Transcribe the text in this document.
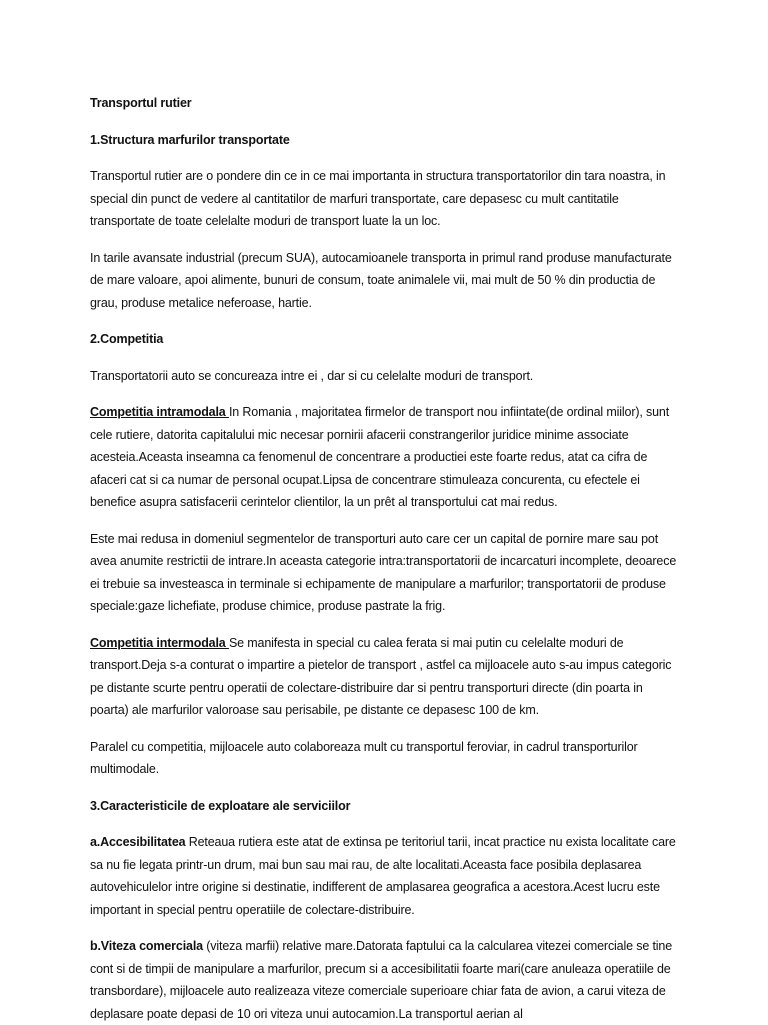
Transportul rutier

1.Structura marfurilor transportate

Transportul rutier are o pondere din ce in ce mai importanta in structura transportatorilor din tara noastra, in special din punct de vedere al cantitatilor de marfuri transportate, care depasesc cu mult cantitatile transportate de toate celelalte moduri de transport luate la un loc.

In tarile avansate industrial (precum SUA), autocamioanele transporta in primul rand produse manufacturate de mare valoare, apoi alimente, bunuri de consum, toate animalele vii, mai mult de 50 % din productia de grau, produse metalice neferoase, hartie.

2.Competitia

Transportatorii auto se concureaza intre ei , dar si cu celelalte moduri de transport.

Competitia intramodala In Romania , majoritatea firmelor de transport nou infiintate(de ordinal miilor), sunt cele rutiere, datorita capitalului mic necesar pornirii afacerii constrangerilor juridice minime associate acesteia.Aceasta inseamna ca fenomenul de concentrare a productiei este foarte redus, atat ca cifra de afaceri cat si ca numar de personal ocupat.Lipsa de concentrare stimuleaza concurenta, cu efectele ei benefice asupra satisfacerii cerintelor clientilor, la un prêt al transportului cat mai redus.

Este mai redusa in domeniul segmentelor de transporturi auto care cer un capital de pornire mare sau pot avea anumite restrictii de intrare.In aceasta categorie intra:transportatorii de incarcaturi incomplete, deoarece ei trebuie sa investeasca in terminale si echipamente de manipulare a marfurilor; transportatorii de produse speciale:gaze lichefiate, produse chimice, produse pastrate la frig.

Competitia intermodala Se manifesta in special cu calea ferata si mai putin cu celelalte moduri de transport.Deja s-a conturat o impartire a pietelor de transport , astfel ca mijloacele auto s-au impus categoric pe distante scurte pentru operatii de colectare-distribuire dar si pentru transporturi directe (din poarta in poarta) ale marfurilor valoroase sau perisabile, pe distante ce depasesc 100 de km.

Paralel cu competitia, mijloacele auto colaboreaza mult cu transportul feroviar, in cadrul transporturilor multimodale.

3.Caracteristicile de exploatare ale serviciilor

a.Accesibilitatea Reteaua rutiera este atat de extinsa pe teritoriul tarii, incat practice nu exista localitate care sa nu fie legata printr-un drum, mai bun sau mai rau, de alte localitati.Aceasta face posibila deplasarea autovehiculelor intre origine si destinatie, indifferent de amplasarea geografica a acestora.Acest lucru este important in special pentru operatiile de colectare-distribuire.

b.Viteza comerciala (viteza marfii) relative mare.Datorata faptului ca la calcularea vitezei comerciale se tine cont si de timpii de manipulare a marfurilor, precum si a accesibilitatii foarte mari(care anuleaza operatiile de transbordare), mijloacele auto realizeaza viteze comerciale superioare chiar fata de avion, a carui viteza de deplasare poate depasi de 10 ori viteza unui autocamion.La transportul aerian al
